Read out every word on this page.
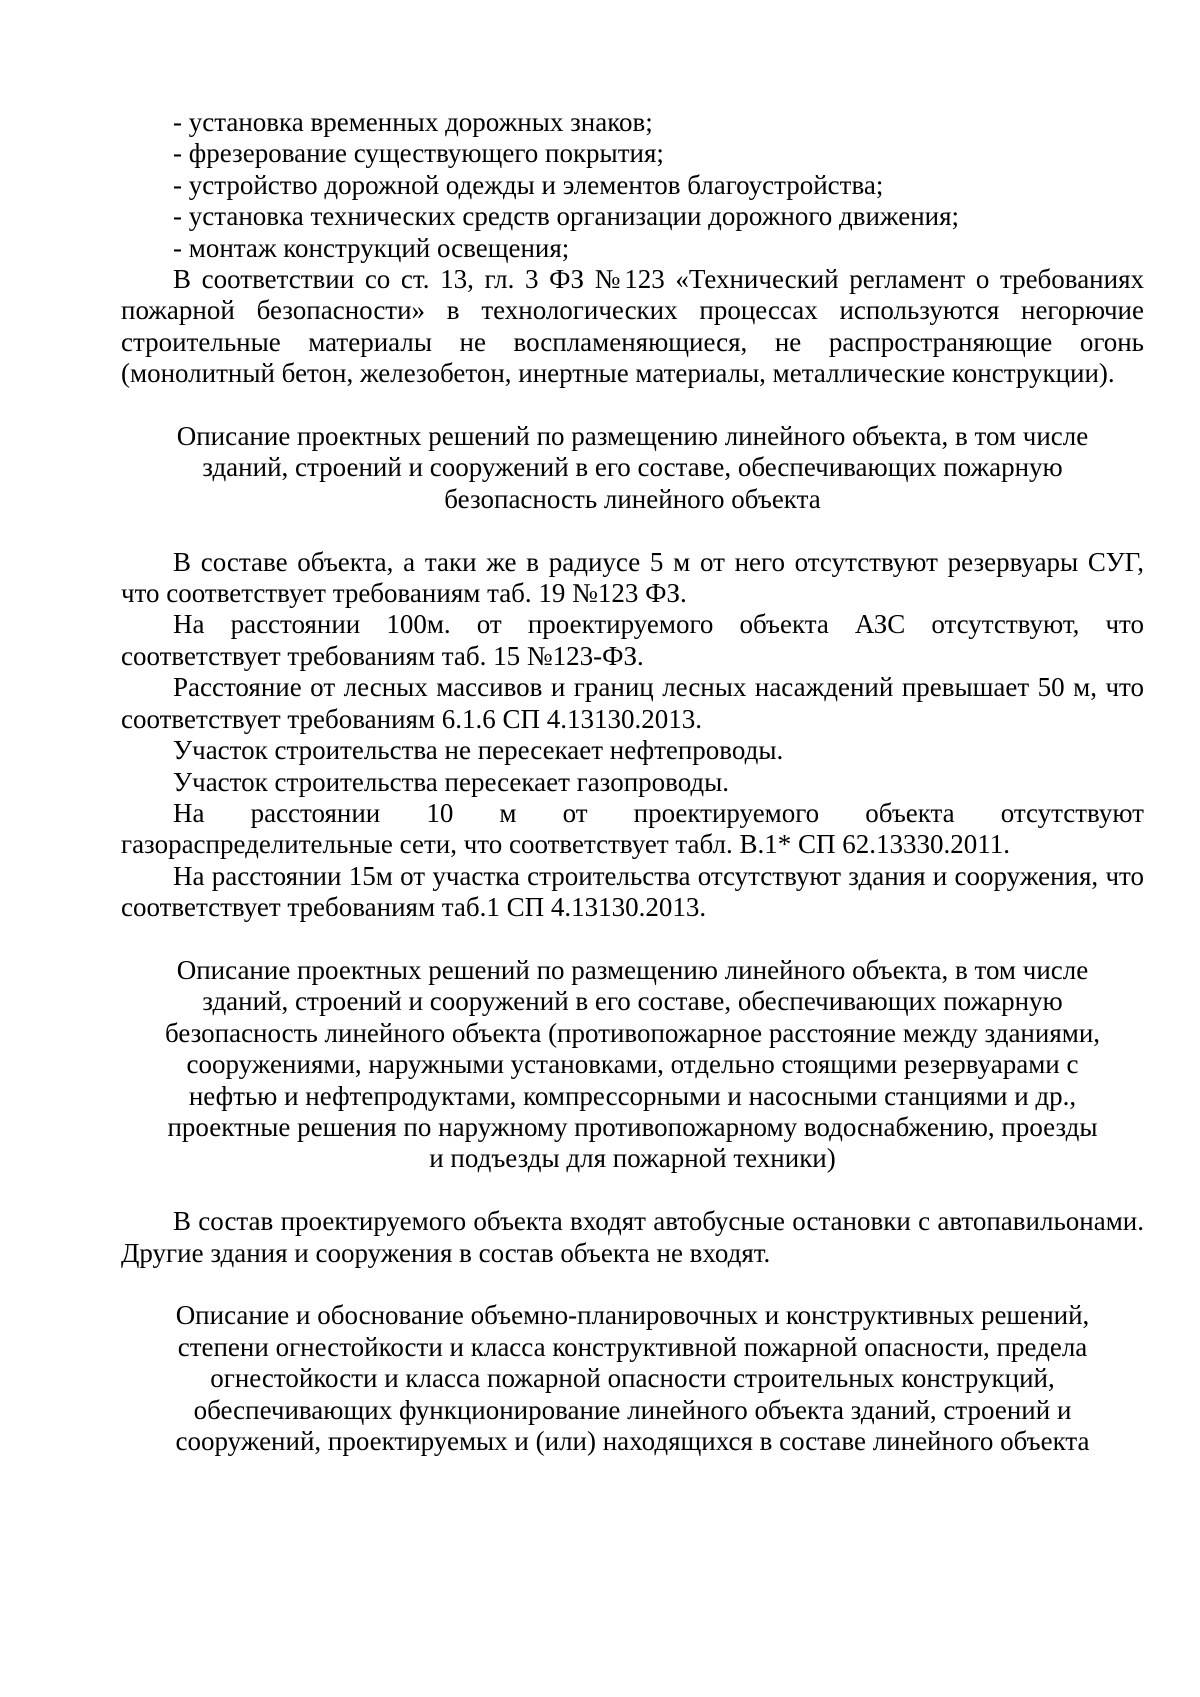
- установка временных дорожных знаков;

- фрезерование существующего покрытия;

- устройство дорожной одежды и элементов благоустройства;

- установка технических средств организации дорожного движения;

- монтаж конструкций освещения;

В соответствии со ст. 13, гл. 3 ФЗ №123 «Технический регламент о требованиях пожарной безопасности» в технологических процессах используются негорючие строительные материалы не воспламеняющиеся, не распространяющие огонь (монолитный бетон, железобетон, инертные материалы, металлические конструкции).

Описание проектных решений по размещению линейного объекта, в том числе зданий, строений и сооружений в его составе, обеспечивающих пожарную безопасность линейного объекта

В составе объекта, а таки же в радиусе 5 м от него отсутствуют резервуары СУГ, что соответствует требованиям таб. 19 №123 ФЗ.

На расстоянии 100м. от проектируемого объекта АЗС отсутствуют, что соответствует требованиям таб. 15 №123-ФЗ.

Расстояние от лесных массивов и границ лесных насаждений превышает 50 м, что соответствует требованиям 6.1.6 СП 4.13130.2013.

Участок строительства не пересекает нефтепроводы.

Участок строительства пересекает газопроводы.

На расстоянии 10 м от проектируемого объекта отсутствуют газораспределительные сети, что соответствует табл. В.1* СП 62.13330.2011.

На расстоянии 15м от участка строительства отсутствуют здания и сооружения, что соответствует требованиям таб.1 СП 4.13130.2013.

Описание проектных решений по размещению линейного объекта, в том числе зданий, строений и сооружений в его составе, обеспечивающих пожарную безопасность линейного объекта (противопожарное расстояние между зданиями, сооружениями, наружными установками, отдельно стоящими резервуарами с нефтью и нефтепродуктами, компрессорными и насосными станциями и др., проектные решения по наружному противопожарному водоснабжению, проезды и подъезды для пожарной техники)

В состав проектируемого объекта входят автобусные остановки с автопавильонами. Другие здания и сооружения в состав объекта не входят.

Описание и обоснование объемно-планировочных и конструктивных решений, степени огнестойкости и класса конструктивной пожарной опасности, предела огнестойкости и класса пожарной опасности строительных конструкций, обеспечивающих функционирование линейного объекта зданий, строений и сооружений, проектируемых и (или) находящихся в составе линейного объекта
